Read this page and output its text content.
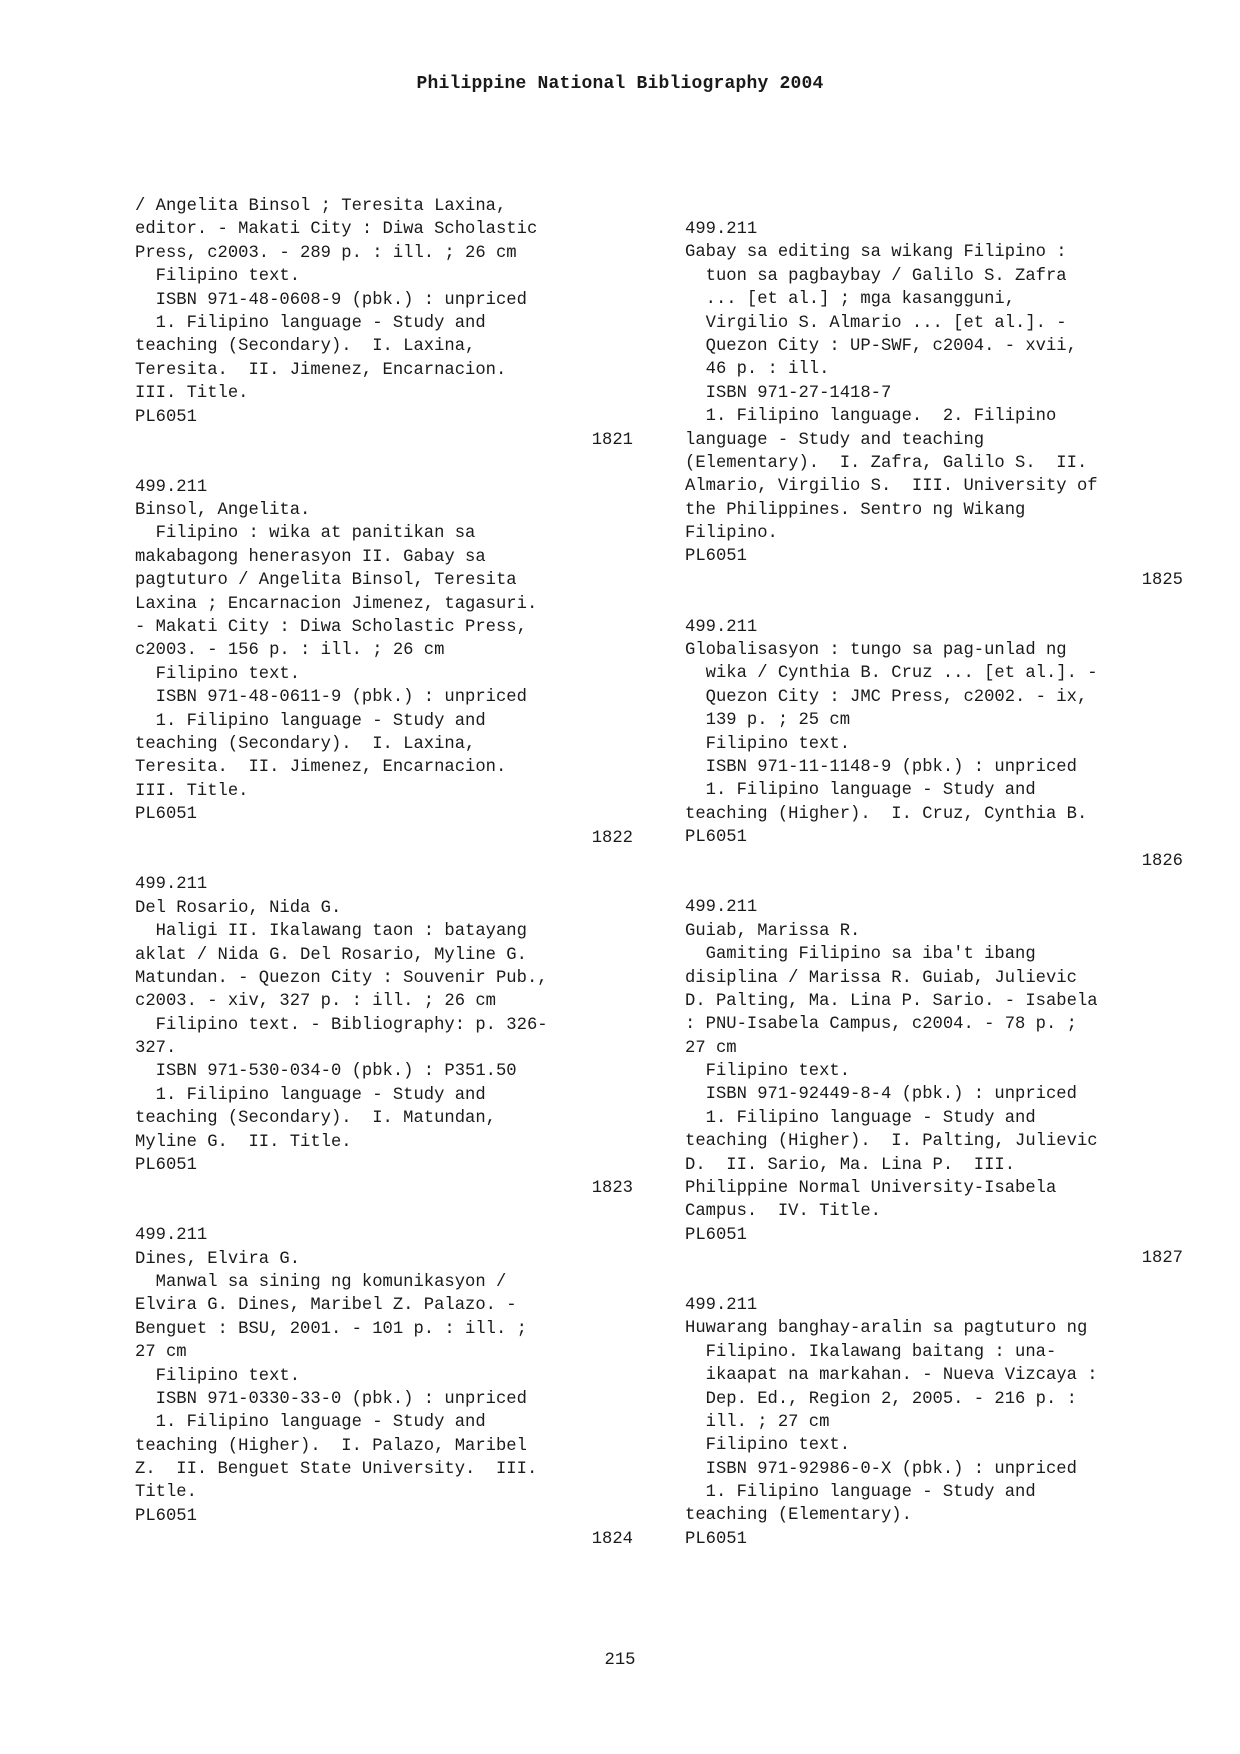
Philippine National Bibliography 2004
/ Angelita Binsol ; Teresita Laxina,
editor. - Makati City : Diwa Scholastic
Press, c2003. - 289 p. : ill. ; 26 cm
Filipino text.
ISBN 971-48-0608-9 (pbk.) : unpriced
1. Filipino language - Study and
teaching (Secondary).  I. Laxina,
Teresita.  II. Jimenez, Encarnacion.
III. Title.
PL6051
1821
499.211
Binsol, Angelita.
Filipino : wika at panitikan sa
makabagong henerasyon II. Gabay sa
pagtuturo / Angelita Binsol, Teresita
Laxina ; Encarnacion Jimenez, tagasuri.
- Makati City : Diwa Scholastic Press,
c2003. - 156 p. : ill. ; 26 cm
Filipino text.
ISBN 971-48-0611-9 (pbk.) : unpriced
1. Filipino language - Study and
teaching (Secondary).  I. Laxina,
Teresita.  II. Jimenez, Encarnacion.
III. Title.
PL6051
1822
499.211
Del Rosario, Nida G.
Haligi II. Ikalawang taon : batayang
aklat / Nida G. Del Rosario, Myline G.
Matundan. - Quezon City : Souvenir Pub.,
c2003. - xiv, 327 p. : ill. ; 26 cm
Filipino text. - Bibliography: p. 326-
327.
ISBN 971-530-034-0 (pbk.) : P351.50
1. Filipino language - Study and
teaching (Secondary).  I. Matundan,
Myline G.  II. Title.
PL6051
1823
499.211
Dines, Elvira G.
Manwal sa sining ng komunikasyon /
Elvira G. Dines, Maribel Z. Palazo. -
Benguet : BSU, 2001. - 101 p. : ill. ;
27 cm
Filipino text.
ISBN 971-0330-33-0 (pbk.) : unpriced
1. Filipino language - Study and
teaching (Higher).  I. Palazo, Maribel
Z.  II. Benguet State University.  III.
Title.
PL6051
1824
499.211
Gabay sa editing sa wikang Filipino :
tuon sa pagbaybay / Galilo S. Zafra
... [et al.] ; mga kasangguni,
Virgilio S. Almario ... [et al.]. -
Quezon City : UP-SWF, c2004. - xvii,
46 p. : ill.
ISBN 971-27-1418-7
1. Filipino language.  2. Filipino
language - Study and teaching
(Elementary).  I. Zafra, Galilo S.  II.
Almario, Virgilio S.  III. University of
the Philippines. Sentro ng Wikang
Filipino.
PL6051
1825
499.211
Globalisasyon : tungo sa pag-unlad ng
wika / Cynthia B. Cruz ... [et al.]. -
Quezon City : JMC Press, c2002. - ix,
139 p. ; 25 cm
Filipino text.
ISBN 971-11-1148-9 (pbk.) : unpriced
1. Filipino language - Study and
teaching (Higher).  I. Cruz, Cynthia B.
PL6051
1826
499.211
Guiab, Marissa R.
Gamiting Filipino sa iba't ibang
disiplina / Marissa R. Guiab, Julievic
D. Palting, Ma. Lina P. Sario. - Isabela
: PNU-Isabela Campus, c2004. - 78 p. ;
27 cm
Filipino text.
ISBN 971-92449-8-4 (pbk.) : unpriced
1. Filipino language - Study and
teaching (Higher).  I. Palting, Julievic
D.  II. Sario, Ma. Lina P.  III.
Philippine Normal University-Isabela
Campus.  IV. Title.
PL6051
1827
499.211
Huwarang banghay-aralin sa pagtuturo ng
Filipino. Ikalawang baitang : una-
ikaapat na markahan. - Nueva Vizcaya :
Dep. Ed., Region 2, 2005. - 216 p. :
ill. ; 27 cm
Filipino text.
ISBN 971-92986-0-X (pbk.) : unpriced
1. Filipino language - Study and
teaching (Elementary).
PL6051
215
